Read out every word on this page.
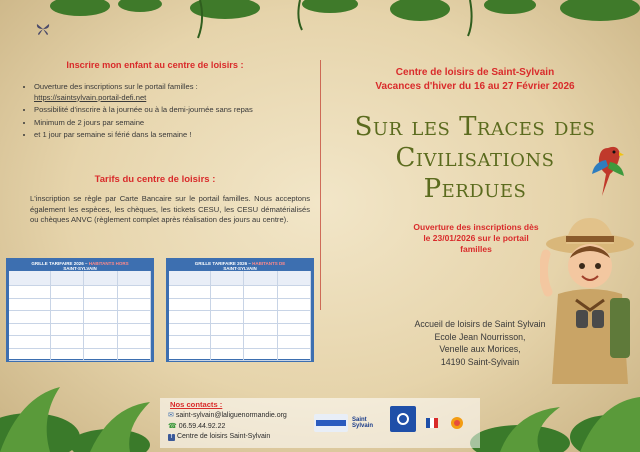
Inscrire mon enfant au centre de loisirs :
• Ouverture des inscriptions sur le portail familles :
https://saintsylvain.portail-defi.net
• Possibilité d'inscrire à la journée ou à la demi-journée sans repas
• Minimum de 2 jours par semaine
• et 1 jour par semaine si férié dans la semaine !
Tarifs du centre de loisirs :
L'inscription se règle par Carte Bancaire sur le portail familles. Nous acceptons également les espèces, les chèques, les tickets CESU, les CESU dématérialisés ou chèques ANVC (règlement complet après réalisation des jours au centre).
GRILLE TARIFAIRE 2026 – HABITANTS HORS
SAINT-SYLVAIN
GRILLE TARIFAIRE 2026 – HABITANTS DE
SAINT-SYLVAIN
Centre de loisirs de Saint-Sylvain
Vacances d'hiver du 16 au 27 Février 2026
Sur les Traces des
Civilisations
Perdues
Ouverture des inscriptions dès le 23/01/2026 sur le portail familles
Accueil de loisirs de Saint Sylvain
Ecole Jean Nourrisson,
Venelle aux Morices,
14190 Saint-Sylvain
Nos contacts :
✉ saint-sylvain@laliguenormandie.org
☎ 06.59.44.92.22
f Centre de loisirs Saint-Sylvain
Saint Sylvain
